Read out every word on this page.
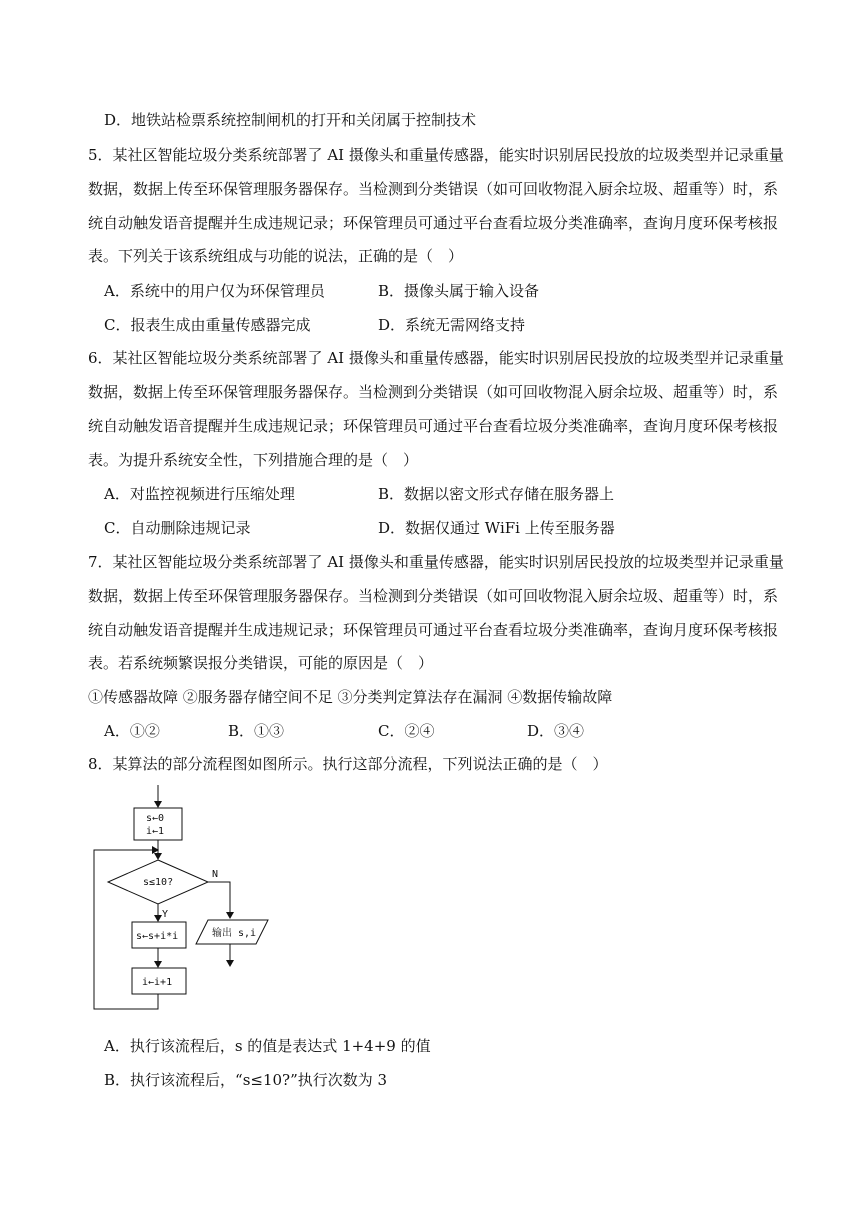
D．地铁站检票系统控制闸机的打开和关闭属于控制技术
5．某社区智能垃圾分类系统部署了 AI 摄像头和重量传感器，能实时识别居民投放的垃圾类型并记录重量
数据，数据上传至环保管理服务器保存。当检测到分类错误（如可回收物混入厨余垃圾、超重等）时，系
统自动触发语音提醒并生成违规记录；环保管理员可通过平台查看垃圾分类准确率，查询月度环保考核报
表。下列关于该系统组成与功能的说法，正确的是（　）
A．系统中的用户仅为环保管理员	B．摄像头属于输入设备
C．报表生成由重量传感器完成	D．系统无需网络支持
6．某社区智能垃圾分类系统部署了 AI 摄像头和重量传感器，能实时识别居民投放的垃圾类型并记录重量
数据，数据上传至环保管理服务器保存。当检测到分类错误（如可回收物混入厨余垃圾、超重等）时，系
统自动触发语音提醒并生成违规记录；环保管理员可通过平台查看垃圾分类准确率，查询月度环保考核报
表。为提升系统安全性，下列措施合理的是（　）
A．对监控视频进行压缩处理	B．数据以密文形式存储在服务器上
C．自动删除违规记录	D．数据仅通过 WiFi 上传至服务器
7．某社区智能垃圾分类系统部署了 AI 摄像头和重量传感器，能实时识别居民投放的垃圾类型并记录重量
数据，数据上传至环保管理服务器保存。当检测到分类错误（如可回收物混入厨余垃圾、超重等）时，系
统自动触发语音提醒并生成违规记录；环保管理员可通过平台查看垃圾分类准确率，查询月度环保考核报
表。若系统频繁误报分类错误，可能的原因是（　）
①传感器故障 ②服务器存储空间不足 ③分类判定算法存在漏洞 ④数据传输故障
A．①②	B．①③	C．②④	D．③④
8．某算法的部分流程图如图所示。执行这部分流程，下列说法正确的是（　）
s←0
i←1
s≤10?
Y
N
s←s+i*i
i←i+1
输出 s,i
A．执行该流程后，s 的值是表达式 1+4+9 的值
B．执行该流程后，“s≤10?”执行次数为 3
